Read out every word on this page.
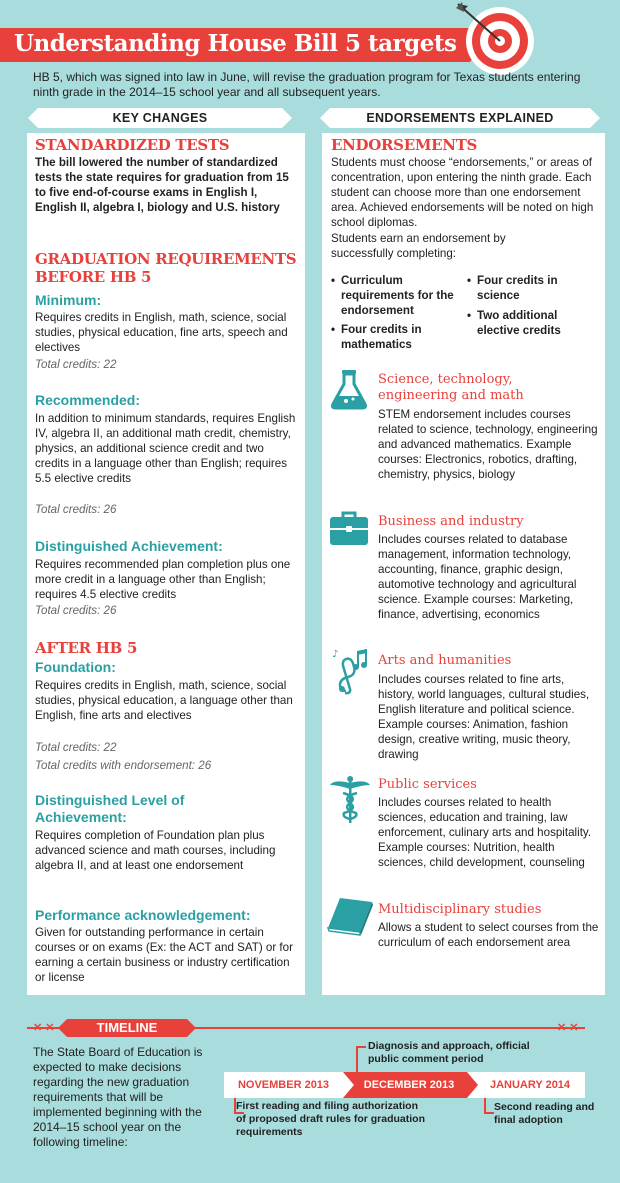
Understanding House Bill 5 targets
HB 5, which was signed into law in June, will revise the graduation program for Texas students entering ninth grade in the 2014–15 school year and all subsequent years.
KEY CHANGES	ENDORSEMENTS EXPLAINED
STANDARDIZED TESTS
The bill lowered the number of standardized tests the state requires for graduation from 15 to five end-of-course exams in English I, English II, algebra I, biology and U.S. history
GRADUATION REQUIREMENTS BEFORE HB 5
Minimum:
Requires credits in English, math, science, social studies, physical education, fine arts, speech and electives
Total credits: 22
Recommended:
In addition to minimum standards, requires English IV, algebra II, an additional math credit, chemistry, physics, an additional science credit and two credits in a language other than English; requires 5.5 elective credits
Total credits: 26
Distinguished Achievement:
Requires recommended plan completion plus one more credit in a language other than English; requires 4.5 elective credits
Total credits: 26
AFTER HB 5
Foundation:
Requires credits in English, math, science, social studies, physical education, a language other than English, fine arts and electives
Total credits: 22
Total credits with endorsement: 26
Distinguished Level of Achievement:
Requires completion of Foundation plan plus advanced science and math courses, including algebra II, and at least one endorsement
Performance acknowledgement:
Given for outstanding performance in certain courses or on exams (Ex: the ACT and SAT) or for earning a certain business or industry certification or license
ENDORSEMENTS
Students must choose “endorsements,” or areas of concentration, upon entering the ninth grade. Each student can choose more than one endorsement area. Achieved endorsements will be noted on high school diplomas.
Students earn an endorsement by successfully completing:
• Curriculum requirements for the endorsement
• Four credits in mathematics
• Four credits in science
• Two additional elective credits
Science, technology, engineering and math
STEM endorsement includes courses related to science, technology, engineering and advanced mathematics. Example courses: Electronics, robotics, drafting, chemistry, physics, biology
Business and industry
Includes courses related to database management, information technology, accounting, finance, graphic design, automotive technology and agricultural science. Example courses: Marketing, finance, advertising, economics
♪	Arts and humanities
Includes courses related to fine arts, history, world languages, cultural studies, English literature and political science. Example courses: Animation, fashion design, creative writing, music theory, drawing
Public services
Includes courses related to health sciences, education and training, law enforcement, culinary arts and hospitality. Example courses: Nutrition, health sciences, child development, counseling
Multidisciplinary studies
Allows a student to select courses from the curriculum of each endorsement area
✕ ✕	TIMELINE	✕ ✕
The State Board of Education is expected to make decisions regarding the new graduation requirements that will be implemented beginning with the 2014–15 school year on the following timeline:
Diagnosis and approach, official public comment period
NOVEMBER 2013	DECEMBER 2013	JANUARY 2014
First reading and filing authorization of proposed draft rules for graduation requirements
Second reading and final adoption
